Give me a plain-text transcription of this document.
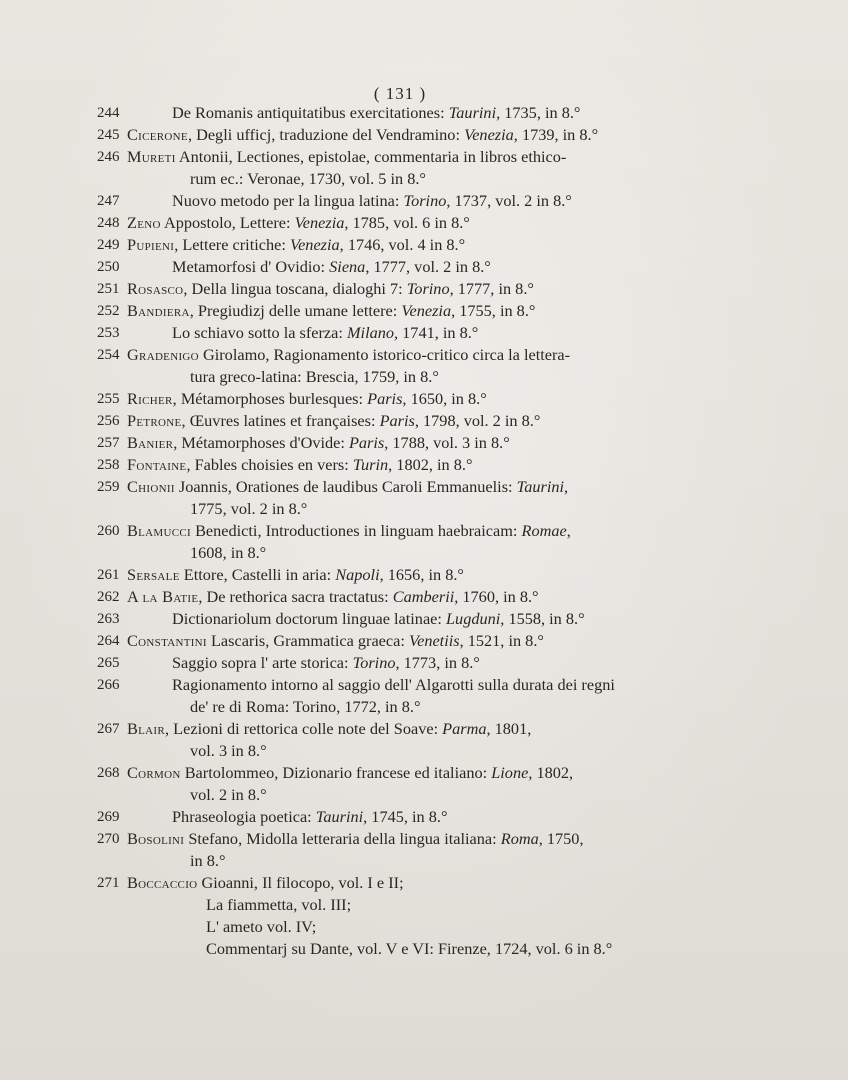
( 131 )
244	De Romanis antiquitatibus exercitationes: Taurini, 1735, in 8.°
245 Cicerone, Degli ufficj, traduzione del Vendramino: Venezia, 1739, in 8.°
246 Mureti Antonii, Lectiones, epistolae, commentaria in libros ethico-
rum ec.: Veronae, 1730, vol. 5 in 8.°
247	Nuovo metodo per la lingua latina: Torino, 1737, vol. 2 in 8.°
248 Zeno Appostolo, Lettere: Venezia, 1785, vol. 6 in 8.°
249 Pupieni, Lettere critiche: Venezia, 1746, vol. 4 in 8.°
250	Metamorfosi d' Ovidio: Siena, 1777, vol. 2 in 8.°
251 Rosasco, Della lingua toscana, dialoghi 7: Torino, 1777, in 8.°
252 Bandiera, Pregiudizj delle umane lettere: Venezia, 1755, in 8.°
253	Lo schiavo sotto la sferza: Milano, 1741, in 8.°
254 Gradenigo Girolamo, Ragionamento istorico-critico circa la lettera-
tura greco-latina: Brescia, 1759, in 8.°
255 Richer, Métamorphoses burlesques: Paris, 1650, in 8.°
256 Petrone, Œuvres latines et françaises: Paris, 1798, vol. 2 in 8.°
257 Banier, Métamorphoses d'Ovide: Paris, 1788, vol. 3 in 8.°
258 Fontaine, Fables choisies en vers: Turin, 1802, in 8.°
259 Chionii Joannis, Orationes de laudibus Caroli Emmanuelis: Taurini,
1775, vol. 2 in 8.°
260 Blamucci Benedicti, Introductiones in linguam haebraicam: Romae,
1608, in 8.°
261 Sersale Ettore, Castelli in aria: Napoli, 1656, in 8.°
262 A la Batie, De rethorica sacra tractatus: Camberii, 1760, in 8.°
263	Dictionariolum doctorum linguae latinae: Lugduni, 1558, in 8.°
264 Constantini Lascaris, Grammatica graeca: Venetiis, 1521, in 8.°
265	Saggio sopra l' arte storica: Torino, 1773, in 8.°
266	Ragionamento intorno al saggio dell' Algarotti sulla durata dei regni
de' re di Roma: Torino, 1772, in 8.°
267 Blair, Lezioni di rettorica colle note del Soave: Parma, 1801,
vol. 3 in 8.°
268 Cormon Bartolommeo, Dizionario francese ed italiano: Lione, 1802,
vol. 2 in 8.°
269	Phraseologia poetica: Taurini, 1745, in 8.°
270 Bosolini Stefano, Midolla letteraria della lingua italiana: Roma, 1750,
in 8.°
271 Boccaccio Gioanni, Il filocopo, vol. I e II;
La fiammetta, vol. III;
L' ameto vol. IV;
Commentarj su Dante, vol. V e VI: Firenze, 1724, vol. 6 in 8.°
